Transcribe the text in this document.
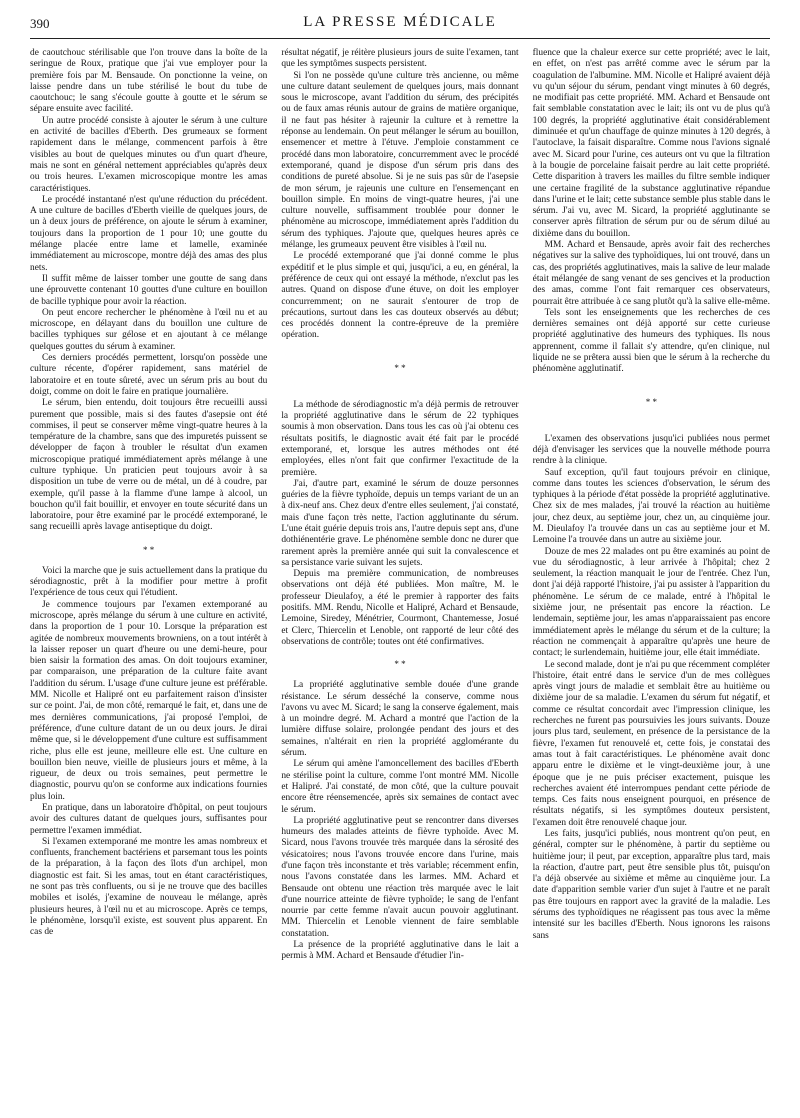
390	LA PRESSE MÉDICALE

de caoutchouc stérilisable que l'on trouve dans la boîte de la seringue de Roux, pratique que j'ai vue employer pour la première fois par M. Bensaude. On ponctionne la veine, on laisse pendre dans un tube stérilisé le bout du tube de caoutchouc; le sang s'écoule goutte à goutte et le sérum se sépare ensuite avec facilité.

Un autre procédé consiste à ajouter le sérum à une culture en activité de bacilles d'Eberth. Des grumeaux se forment rapidement dans le mélange, commencent parfois à être visibles au bout de quelques minutes ou d'un quart d'heure, mais ne sont en général nettement appréciables qu'après deux ou trois heures. L'examen microscopique montre les amas caractéristiques.

Le procédé instantané n'est qu'une réduction du précédent. A une culture de bacilles d'Eberth vieille de quelques jours, de un à deux jours de préférence, on ajoute le sérum à examiner, toujours dans la proportion de 1 pour 10; une goutte du mélange placée entre lame et lamelle, examinée immédiatement au microscope, montre déjà des amas des plus nets.

Il suffit même de laisser tomber une goutte de sang dans une éprouvette contenant 10 gouttes d'une culture en bouillon de bacille typhique pour avoir la réaction.

On peut encore rechercher le phénomène à l'œil nu et au microscope, en délayant dans du bouillon une culture de bacilles typhiques sur gélose et en ajoutant à ce mélange quelques gouttes du sérum à examiner.

Ces derniers procédés permettent, lorsqu'on possède une culture récente, d'opérer rapidement, sans matériel de laboratoire et en toute sûreté, avec un sérum pris au bout du doigt, comme on doit le faire en pratique journalière.

Le sérum, bien entendu, doit toujours être recueilli aussi purement que possible, mais si des fautes d'asepsie ont été commises, il peut se conserver même vingt-quatre heures à la température de la chambre, sans que des impuretés puissent se développer de façon à troubler le résultat d'un examen microscopique pratiqué immédiatement après mélange à une culture typhique. Un praticien peut toujours avoir à sa disposition un tube de verre ou de métal, un dé à coudre, par exemple, qu'il passe à la flamme d'une lampe à alcool, un bouchon qu'il fait bouillir, et envoyer en toute sécurité dans un laboratoire, pour être examiné par le procédé extemporané, le sang recueilli après lavage antiseptique du doigt.

* *

Voici la marche que je suis actuellement dans la pratique du sérodiagnostic, prêt à la modifier pour mettre à profit l'expérience de tous ceux qui l'étudient.

Je commence toujours par l'examen extemporané au microscope, après mélange du sérum à une culture en activité, dans la proportion de 1 pour 10. Lorsque la préparation est agitée de nombreux mouvements browniens, on a tout intérêt à la laisser reposer un quart d'heure ou une demi-heure, pour bien saisir la formation des amas. On doit toujours examiner, par comparaison, une préparation de la culture faite avant l'addition du sérum. L'usage d'une culture jeune est préférable. MM. Nicolle et Halipré ont eu parfaitement raison d'insister sur ce point. J'ai, de mon côté, remarqué le fait, et, dans une de mes dernières communications, j'ai proposé l'emploi, de préférence, d'une culture datant de un ou deux jours. Je dirai même que, si le développement d'une culture est suffisamment riche, plus elle est jeune, meilleure elle est. Une culture en bouillon bien neuve, vieille de plusieurs jours et même, à la rigueur, de deux ou trois semaines, peut permettre le diagnostic, pourvu qu'on se conforme aux indications fournies plus loin.

En pratique, dans un laboratoire d'hôpital, on peut toujours avoir des cultures datant de quelques jours, suffisantes pour permettre l'examen immédiat.

Si l'examen extemporané me montre les amas nombreux et confluents, franchement bactériens et parsemant tous les points de la préparation, à la façon des îlots d'un archipel, mon diagnostic est fait. Si les amas, tout en étant caractéristiques, ne sont pas très confluents, ou si je ne trouve que des bacilles mobiles et isolés, j'examine de nouveau le mélange, après plusieurs heures, à l'œil nu et au microscope. Après ce temps, le phénomène, lorsqu'il existe, est souvent plus apparent. En cas de

résultat négatif, je réitère plusieurs jours de suite l'examen, tant que les symptômes suspects persistent.

Si l'on ne possède qu'une culture très ancienne, ou même une culture datant seulement de quelques jours, mais donnant sous le microscope, avant l'addition du sérum, des précipités ou de faux amas réunis autour de grains de matière organique, il ne faut pas hésiter à rajeunir la culture et à remettre la réponse au lendemain. On peut mélanger le sérum au bouillon, ensemencer et mettre à l'étuve. J'emploie constamment ce procédé dans mon laboratoire, concurremment avec le procédé extemporané, quand je dispose d'un sérum pris dans des conditions de pureté absolue. Si je ne suis pas sûr de l'asepsie de mon sérum, je rajeunis une culture en l'ensemençant en bouillon simple. En moins de vingt-quatre heures, j'ai une culture nouvelle, suffisamment troublée pour donner le phénomène au microscope, immédiatement après l'addition du sérum des typhiques. J'ajoute que, quelques heures après ce mélange, les grumeaux peuvent être visibles à l'œil nu.

Le procédé extemporané que j'ai donné comme le plus expéditif et le plus simple et qui, jusqu'ici, a eu, en général, la préférence de ceux qui ont essayé la méthode, n'exclut pas les autres. Quand on dispose d'une étuve, on doit les employer concurremment; on ne saurait s'entourer de trop de précautions, surtout dans les cas douteux observés au début; ces procédés donnent la contre-épreuve de la première opération.

* *

La méthode de sérodiagnostic m'a déjà permis de retrouver la propriété agglutinative dans le sérum de 22 typhiques soumis à mon observation. Dans tous les cas où j'ai obtenu ces résultats positifs, le diagnostic avait été fait par le procédé extemporané, et, lorsque les autres méthodes ont été employées, elles n'ont fait que confirmer l'exactitude de la première.

J'ai, d'autre part, examiné le sérum de douze personnes guéries de la fièvre typhoïde, depuis un temps variant de un an à dix-neuf ans. Chez deux d'entre elles seulement, j'ai constaté, mais d'une façon très nette, l'action agglutinante du sérum. L'une était guérie depuis trois ans, l'autre depuis sept ans, d'une dothiénentérie grave. Le phénomène semble donc ne durer que rarement après la première année qui suit la convalescence et sa persistance varie suivant les sujets.

Depuis ma première communication, de nombreuses observations ont déjà été publiées. Mon maître, M. le professeur Dieulafoy, a été le premier à rapporter des faits positifs. MM. Rendu, Nicolle et Halipré, Achard et Bensaude, Lemoine, Siredey, Ménétrier, Courmont, Chantemesse, Josué et Clerc, Thiercelin et Lenoble, ont rapporté de leur côté des observations de contrôle; toutes ont été confirmatives.

* *

La propriété agglutinative semble douée d'une grande résistance. Le sérum desséché la conserve, comme nous l'avons vu avec M. Sicard; le sang la conserve également, mais à un moindre degré. M. Achard a montré que l'action de la lumière diffuse solaire, prolongée pendant des jours et des semaines, n'altérait en rien la propriété agglomérante du sérum.

Le sérum qui amène l'amoncellement des bacilles d'Eberth ne stérilise point la culture, comme l'ont montré MM. Nicolle et Halipré. J'ai constaté, de mon côté, que la culture pouvait encore être réensemencée, après six semaines de contact avec le sérum.

La propriété agglutinative peut se rencontrer dans diverses humeurs des malades atteints de fièvre typhoïde. Avec M. Sicard, nous l'avons trouvée très marquée dans la sérosité des vésicatoires; nous l'avons trouvée encore dans l'urine, mais d'une façon très inconstante et très variable; récemment enfin, nous l'avons constatée dans les larmes. MM. Achard et Bensaude ont obtenu une réaction très marquée avec le lait d'une nourrice atteinte de fièvre typhoïde; le sang de l'enfant nourrie par cette femme n'avait aucun pouvoir agglutinant. MM. Thiercelin et Lenoble viennent de faire semblable constatation.

La présence de la propriété agglutinative dans le lait a permis à MM. Achard et Bensaude d'étudier l'in-

fluence que la chaleur exerce sur cette propriété; avec le lait, en effet, on n'est pas arrêté comme avec le sérum par la coagulation de l'albumine. MM. Nicolle et Halipré avaient déjà vu qu'un séjour du sérum, pendant vingt minutes à 60 degrés, ne modifiait pas cette propriété. MM. Achard et Bensaude ont fait semblable constatation avec le lait; ils ont vu de plus qu'à 100 degrés, la propriété agglutinative était considérablement diminuée et qu'un chauffage de quinze minutes à 120 degrés, à l'autoclave, la faisait disparaître. Comme nous l'avions signalé avec M. Sicard pour l'urine, ces auteurs ont vu que la filtration à la bougie de porcelaine faisait perdre au lait cette propriété. Cette disparition à travers les mailles du filtre semble indiquer une certaine fragilité de la substance agglutinative répandue dans l'urine et le lait; cette substance semble plus stable dans le sérum. J'ai vu, avec M. Sicard, la propriété agglutinante se conserver après filtration de sérum pur ou de sérum dilué au dixième dans du bouillon.

MM. Achard et Bensaude, après avoir fait des recherches négatives sur la salive des typhoïdiques, lui ont trouvé, dans un cas, des propriétés agglutinatives, mais la salive de leur malade était mélangée de sang venant de ses gencives et la production des amas, comme l'ont fait remarquer ces observateurs, pourrait être attribuée à ce sang plutôt qu'à la salive elle-même.

Tels sont les enseignements que les recherches de ces dernières semaines ont déjà apporté sur cette curieuse propriété agglutinative des humeurs des typhiques. Ils nous apprennent, comme il fallait s'y attendre, qu'en clinique, nul liquide ne se prêtera aussi bien que le sérum à la recherche du phénomène agglutinatif.

* *

L'examen des observations jusqu'ici publiées nous permet déjà d'envisager les services que la nouvelle méthode pourra rendre à la clinique.

Sauf exception, qu'il faut toujours prévoir en clinique, comme dans toutes les sciences d'observation, le sérum des typhiques à la période d'état possède la propriété agglutinative. Chez six de mes malades, j'ai trouvé la réaction au huitième jour, chez deux, au septième jour, chez un, au cinquième jour. M. Dieulafoy l'a trouvée dans un cas au septième jour et M. Lemoine l'a trouvée dans un autre au sixième jour.

Douze de mes 22 malades ont pu être examinés au point de vue du sérodiagnostic, à leur arrivée à l'hôpital; chez 2 seulement, la réaction manquait le jour de l'entrée. Chez l'un, dont j'ai déjà rapporté l'histoire, j'ai pu assister à l'apparition du phénomène. Le sérum de ce malade, entré à l'hôpital le sixième jour, ne présentait pas encore la réaction. Le lendemain, septième jour, les amas n'apparaissaient pas encore immédiatement après le mélange du sérum et de la culture; la réaction ne commençait à apparaître qu'après une heure de contact; le surlendemain, huitième jour, elle était immédiate.

Le second malade, dont je n'ai pu que récemment compléter l'histoire, était entré dans le service d'un de mes collègues après vingt jours de maladie et semblait être au huitième ou dixième jour de sa maladie. L'examen du sérum fut négatif, et comme ce résultat concordait avec l'impression clinique, les recherches ne furent pas poursuivies les jours suivants. Douze jours plus tard, seulement, en présence de la persistance de la fièvre, l'examen fut renouvelé et, cette fois, je constatai des amas tout à fait caractéristiques. Le phénomène avait donc apparu entre le dixième et le vingt-deuxième jour, à une époque que je ne puis préciser exactement, puisque les recherches avaient été interrompues pendant cette période de temps. Ces faits nous enseignent pourquoi, en présence de résultats négatifs, si les symptômes douteux persistent, l'examen doit être renouvelé chaque jour.

Les faits, jusqu'ici publiés, nous montrent qu'on peut, en général, compter sur le phénomène, à partir du septième ou huitième jour; il peut, par exception, apparaître plus tard, mais la réaction, d'autre part, peut être sensible plus tôt, puisqu'on l'a déjà observée au sixième et même au cinquième jour. La date d'apparition semble varier d'un sujet à l'autre et ne paraît pas être toujours en rapport avec la gravité de la maladie. Les sérums des typhoïdiques ne réagissent pas tous avec la même intensité sur les bacilles d'Eberth. Nous ignorons les raisons sans
